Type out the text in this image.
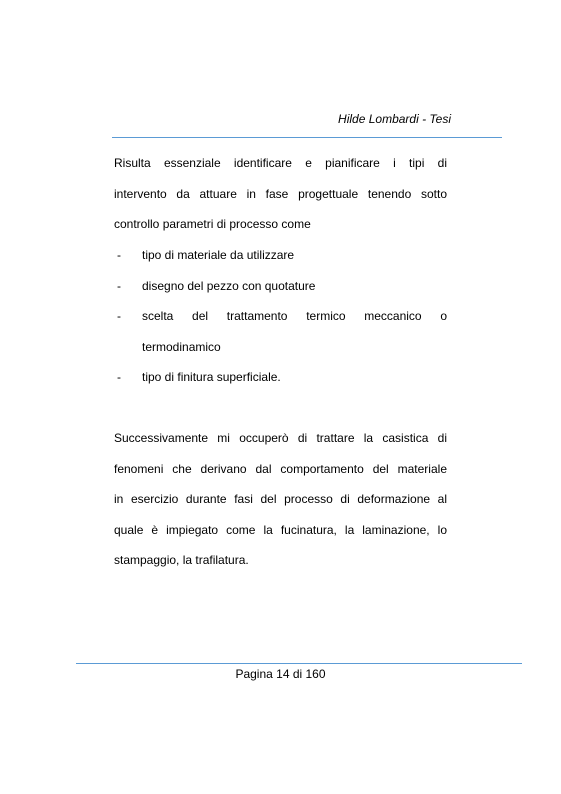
Hilde Lombardi - Tesi
Risulta essenziale identificare e pianificare i tipi di
intervento da attuare in fase progettuale tenendo sotto
controllo parametri di processo come
-	tipo di materiale da utilizzare
-	disegno del pezzo con quotature
-	scelta del trattamento termico meccanico o
termodinamico
-	tipo di finitura superficiale.
Successivamente mi occuperò di trattare la casistica di
fenomeni che derivano dal comportamento del materiale
in esercizio durante fasi del processo di deformazione al
quale è impiegato come la fucinatura, la laminazione, lo
stampaggio, la trafilatura.
Pagina 14 di 160
